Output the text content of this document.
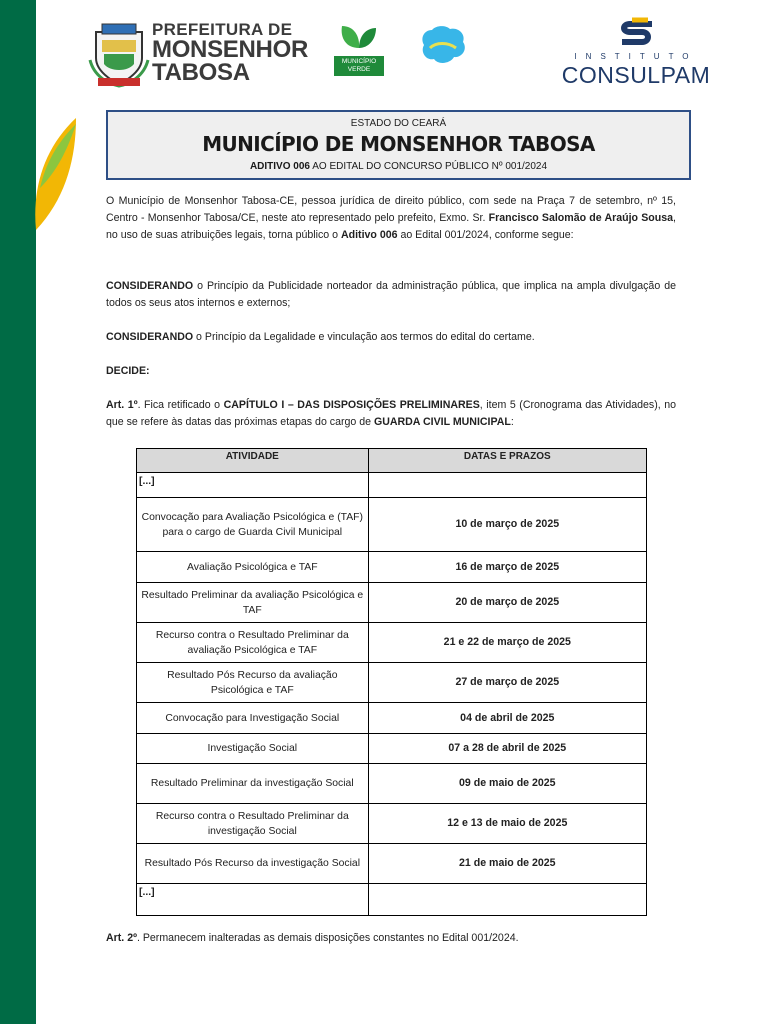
PREFEITURA DE
MONSENHOR
TABOSA	MUNICÍPIO VERDE
INSTITUTO
CONSULPAM
ESTADO DO CEARÁ
MUNICÍPIO DE MONSENHOR TABOSA
ADITIVO 006 AO EDITAL DO CONCURSO PÚBLICO Nº 001/2024
O Município de Monsenhor Tabosa-CE, pessoa jurídica de direito público, com sede na Praça 7 de setembro, nº 15, Centro - Monsenhor Tabosa/CE, neste ato representado pelo prefeito, Exmo. Sr. Francisco Salomão de Araújo Sousa, no uso de suas atribuições legais, torna público o Aditivo 006 ao Edital 001/2024, conforme segue:
CONSIDERANDO o Princípio da Publicidade norteador da administração pública, que implica na ampla divulgação de todos os seus atos internos e externos;
CONSIDERANDO o Princípio da Legalidade e vinculação aos termos do edital do certame.
DECIDE:
Art. 1º. Fica retificado o CAPÍTULO I – DAS DISPOSIÇÕES PRELIMINARES, item 5 (Cronograma das Atividades), no que se refere às datas das próximas etapas do cargo de GUARDA CIVIL MUNICIPAL:
ATIVIDADE	DATAS E PRAZOS
[...]	
Convocação para Avaliação Psicológica e (TAF) para o cargo de Guarda Civil Municipal	10 de março de 2025
Avaliação Psicológica e TAF	16 de março de 2025
Resultado Preliminar da avaliação Psicológica e TAF	20 de março de 2025
Recurso contra o Resultado Preliminar da avaliação Psicológica e TAF	21 e 22 de março de 2025
Resultado Pós Recurso da avaliação Psicológica e TAF	27 de março de 2025
Convocação para Investigação Social	04 de abril de 2025
Investigação Social	07 a 28 de abril de 2025
Resultado Preliminar da investigação Social	09 de maio de 2025
Recurso contra o Resultado Preliminar da investigação Social	12 e 13 de maio de 2025
Resultado Pós Recurso da investigação Social	21 de maio de 2025
[...]	
Art. 2º. Permanecem inalteradas as demais disposições constantes no Edital 001/2024.
